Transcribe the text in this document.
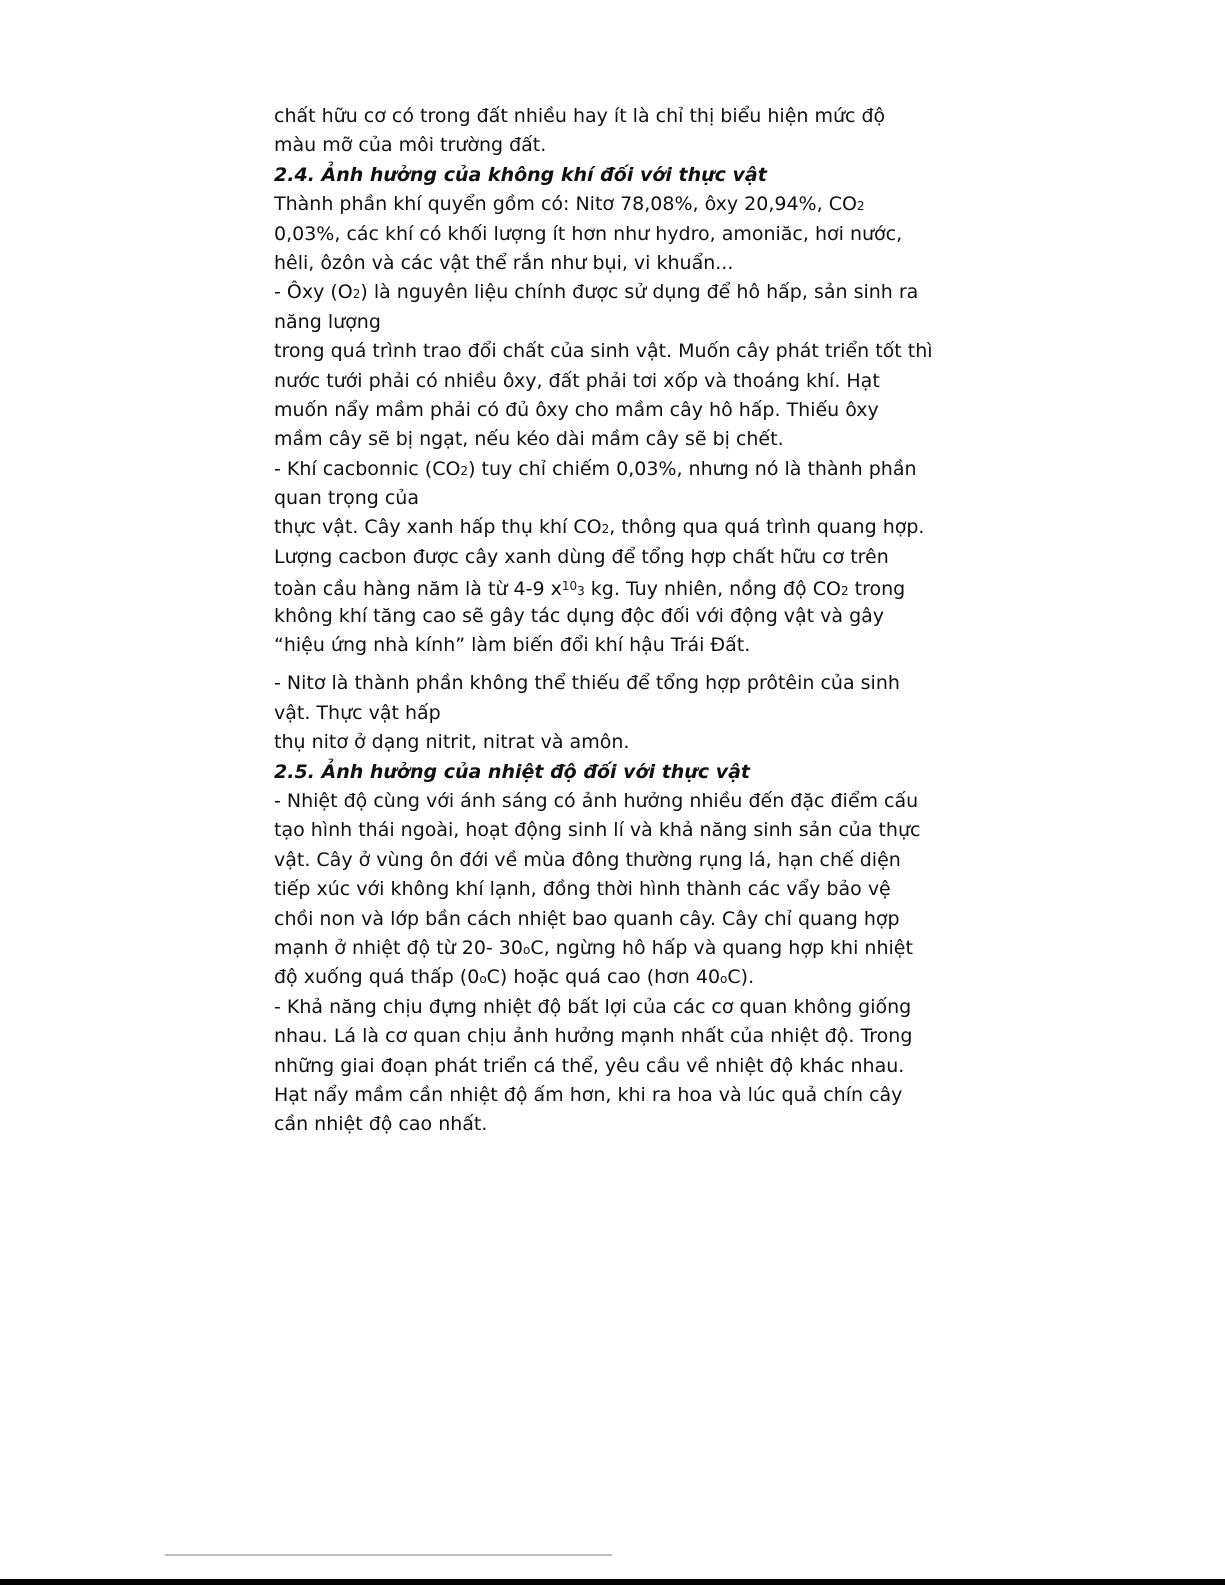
chất hữu cơ có trong đất nhiều hay ít là chỉ thị biểu hiện mức độ
màu mỡ của môi trường đất.
2.4. Ảnh hưởng của không khí đối với thực vật
Thành phần khí quyển gồm có: Nitơ 78,08%, ôxy 20,94%, CO2
0,03%, các khí có khối lượng ít hơn như hydro, amoniăc, hơi nước,
hêli, ôzôn và các vật thể rắn như bụi, vi khuẩn...
- Ôxy (O2) là nguyên liệu chính được sử dụng để hô hấp, sản sinh ra
năng lượng
trong quá trình trao đổi chất của sinh vật. Muốn cây phát triển tốt thì
nước tưới phải có nhiều ôxy, đất phải tơi xốp và thoáng khí. Hạt
muốn nẩy mầm phải có đủ ôxy cho mầm cây hô hấp. Thiếu ôxy
mầm cây sẽ bị ngạt, nếu kéo dài mầm cây sẽ bị chết.
- Khí cacbonnic (CO2) tuy chỉ chiếm 0,03%, nhưng nó là thành phần
quan trọng của
thực vật. Cây xanh hấp thụ khí CO2, thông qua quá trình quang hợp.
Lượng cacbon được cây xanh dùng để tổng hợp chất hữu cơ trên
toàn cầu hàng năm là từ 4-9 $x^{10}3$ kg. Tuy nhiên, nồng độ CO2 trong
không khí tăng cao sẽ gây tác dụng độc đối với động vật và gây
“hiệu ứng nhà kính” làm biến đổi khí hậu Trái Đất.
- Nitơ là thành phần không thể thiếu để tổng hợp prôtêin của sinh
vật. Thực vật hấp
thụ nitơ ở dạng nitrit, nitrat và amôn.
2.5. Ảnh hưởng của nhiệt độ đối với thực vật
- Nhiệt độ cùng với ánh sáng có ảnh hưởng nhiều đến đặc điểm cấu
tạo hình thái ngoài, hoạt động sinh lí và khả năng sinh sản của thực
vật. Cây ở vùng ôn đới về mùa đông thường rụng lá, hạn chế diện
tiếp xúc với không khí lạnh, đồng thời hình thành các vẩy bảo vệ
chồi non và lớp bần cách nhiệt bao quanh cây. Cây chỉ quang hợp
mạnh ở nhiệt độ từ 20- 30oC, ngừng hô hấp và quang hợp khi nhiệt
độ xuống quá thấp (0oC) hoặc quá cao (hơn 40oC).
- Khả năng chịu đựng nhiệt độ bất lợi của các cơ quan không giống
nhau. Lá là cơ quan chịu ảnh hưởng mạnh nhất của nhiệt độ. Trong
những giai đoạn phát triển cá thể, yêu cầu về nhiệt độ khác nhau.
Hạt nẩy mầm cần nhiệt độ ấm hơn, khi ra hoa và lúc quả chín cây
cần nhiệt độ cao nhất.
